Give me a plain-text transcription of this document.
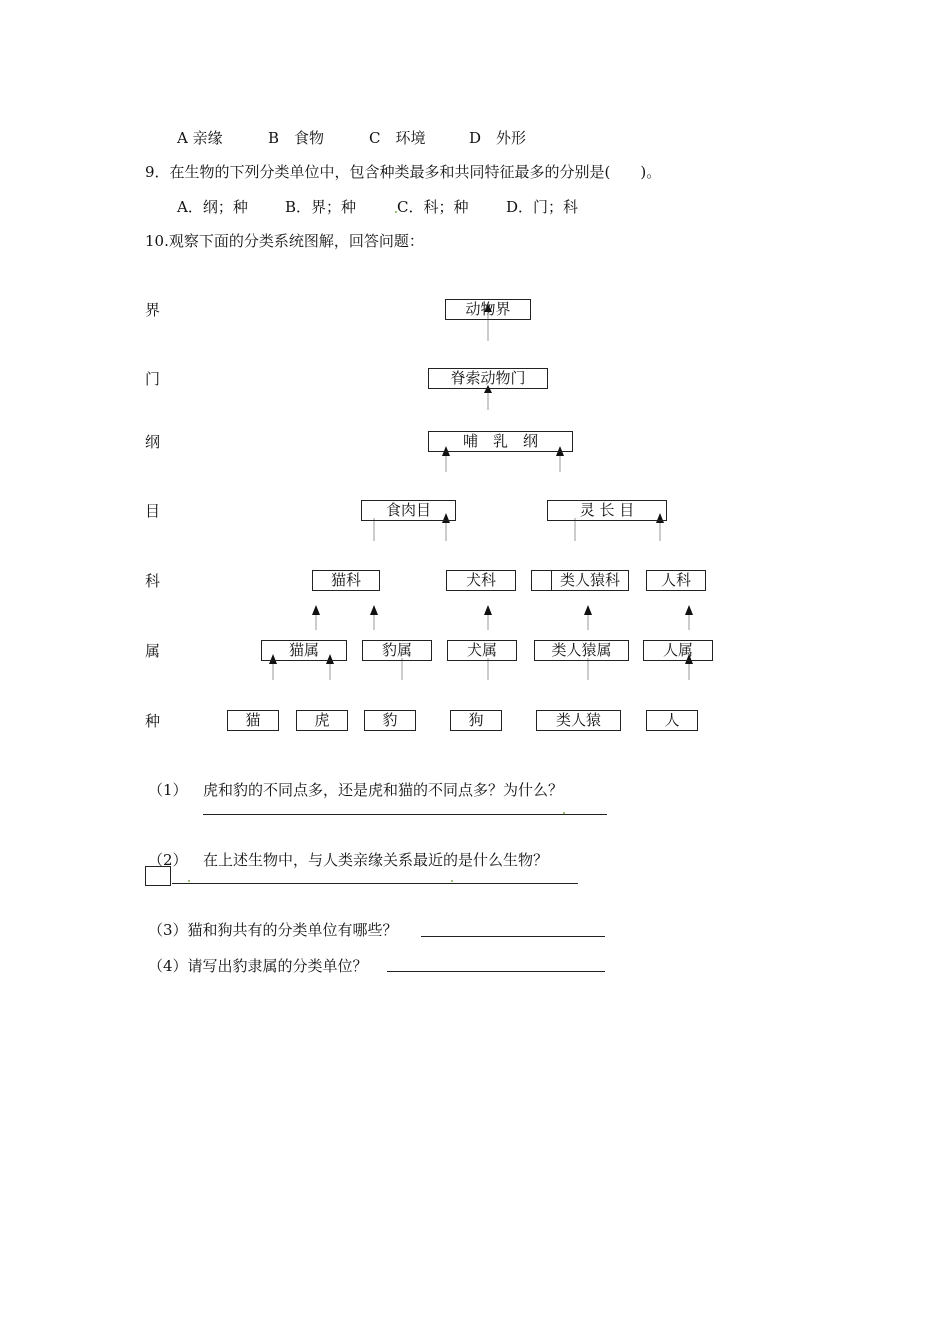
A 亲缘	B　食物	C　环境	D　外形
9．在生物的下列分类单位中，包含种类最多和共同特征最多的分别是(　　)。
A．纲；种 B．界；种	C．科；种	D．门；科
10.观察下面的分类系统图解，回答问题：
界
门
纲
目
科
属
种
动物界
脊索动物门
哺　乳　纲
食肉目	灵 长 目
猫科	犬科	类人猿科	人科
猫属	豹属	犬属	类人猿属	人属
猫	虎	豹	狗	类人猿	人
（1） 虎和豹的不同点多，还是虎和猫的不同点多？为什么？
（2） 在上述生物中，与人类亲缘关系最近的是什么生物？
（3）猫和狗共有的分类单位有哪些？
（4）请写出豹隶属的分类单位？
